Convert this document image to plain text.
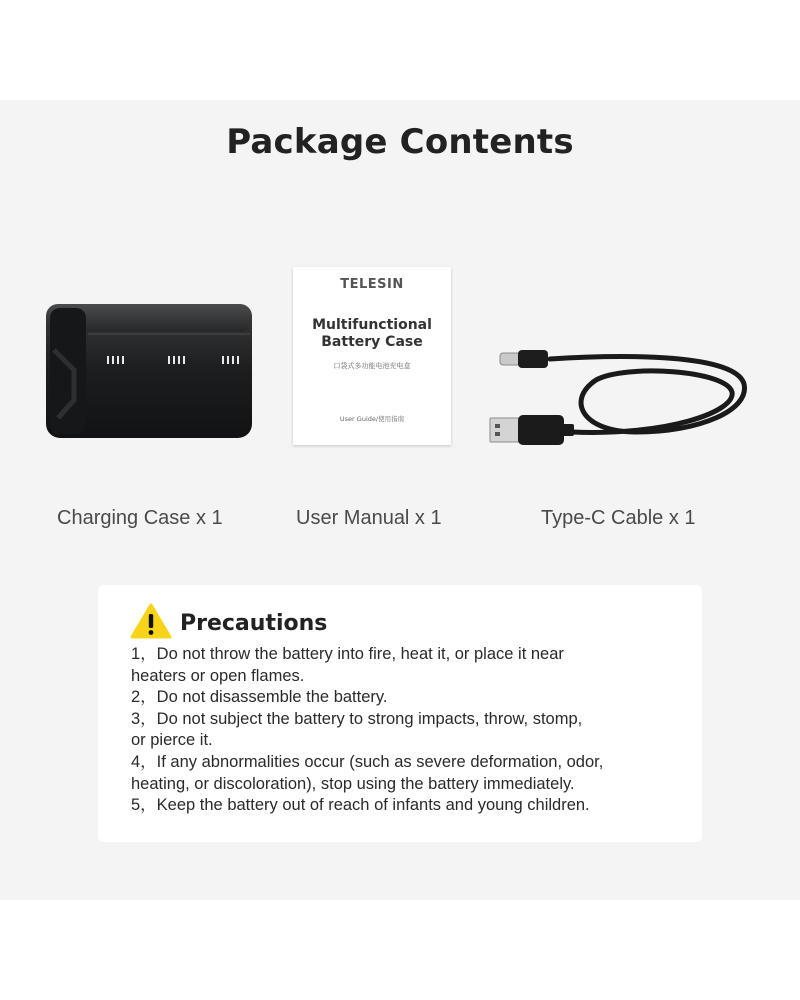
Package Contents
Charging Case x 1
TELESIN
Multifunctional
Battery Case
口袋式多功能电池充电盒
User Guide/使用指南
User Manual x 1	Type-C Cable x 1
Precautions
1，Do not throw the battery into fire, heat it, or place it near
heaters or open flames.
2，Do not disassemble the battery.
3，Do not subject the battery to strong impacts, throw, stomp,
or pierce it.
4，If any abnormalities occur (such as severe deformation, odor,
heating, or discoloration), stop using the battery immediately.
5，Keep the battery out of reach of infants and young children.
